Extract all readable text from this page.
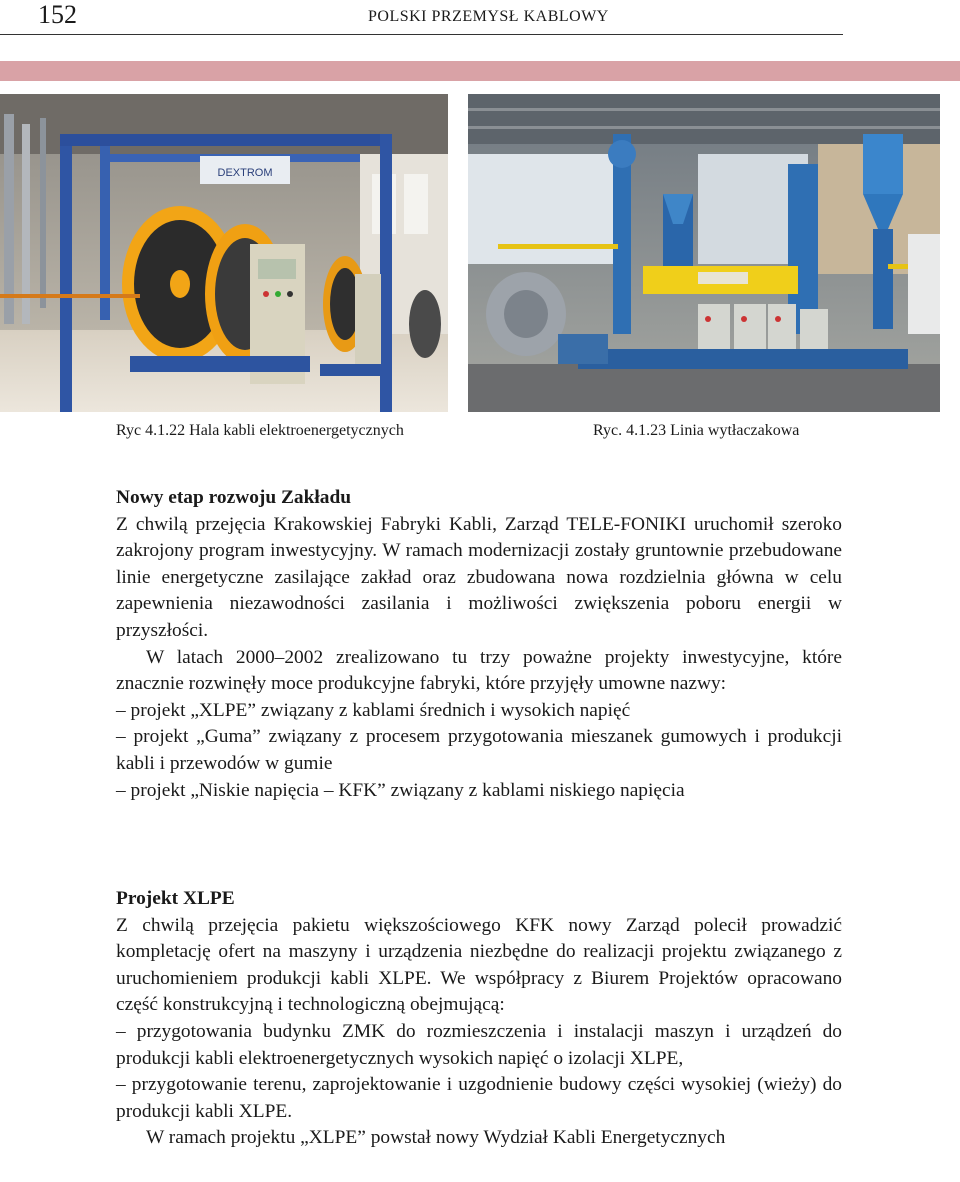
152	POLSKI PRZEMYSŁ KABLOWY
DEXTROM
Ryc 4.1.22 Hala kabli elektroenergetycznych	Ryc. 4.1.23 Linia wytłaczakowa

Nowy etap rozwoju Zakładu

Z chwilą przejęcia Krakowskiej Fabryki Kabli, Zarząd TELE-FONIKI uruchomił szeroko zakrojony program inwestycyjny. W ramach modernizacji zostały gruntownie przebudowane linie energetyczne zasilające zakład oraz zbudowana nowa rozdzielnia główna w celu zapewnienia niezawodności zasilania i możliwości zwiększenia poboru energii w przyszłości.

W latach 2000–2002 zrealizowano tu trzy poważne projekty inwestycyjne, które znacznie rozwinęły moce produkcyjne fabryki, które przyjęły umowne nazwy:

– projekt „XLPE” związany z kablami średnich i wysokich napięć

– projekt „Guma” związany z procesem przygotowania mieszanek gumowych i produkcji kabli i przewodów w gumie

– projekt „Niskie napięcia – KFK” związany z kablami niskiego napięcia

Projekt XLPE

Z chwilą przejęcia pakietu większościowego KFK nowy Zarząd polecił prowadzić kompletację ofert na maszyny i urządzenia niezbędne do realizacji projektu związanego z uruchomieniem produkcji kabli XLPE. We współpracy z Biurem Projektów opracowano część konstrukcyjną i technologiczną obejmującą:

– przygotowania budynku ZMK do rozmieszczenia i instalacji maszyn i urządzeń do produkcji kabli elektroenergetycznych wysokich napięć o izolacji XLPE,

– przygotowanie terenu, zaprojektowanie i uzgodnienie budowy części wysokiej (wieży) do produkcji kabli XLPE.

W ramach projektu „XLPE” powstał nowy Wydział Kabli Energetycznych
